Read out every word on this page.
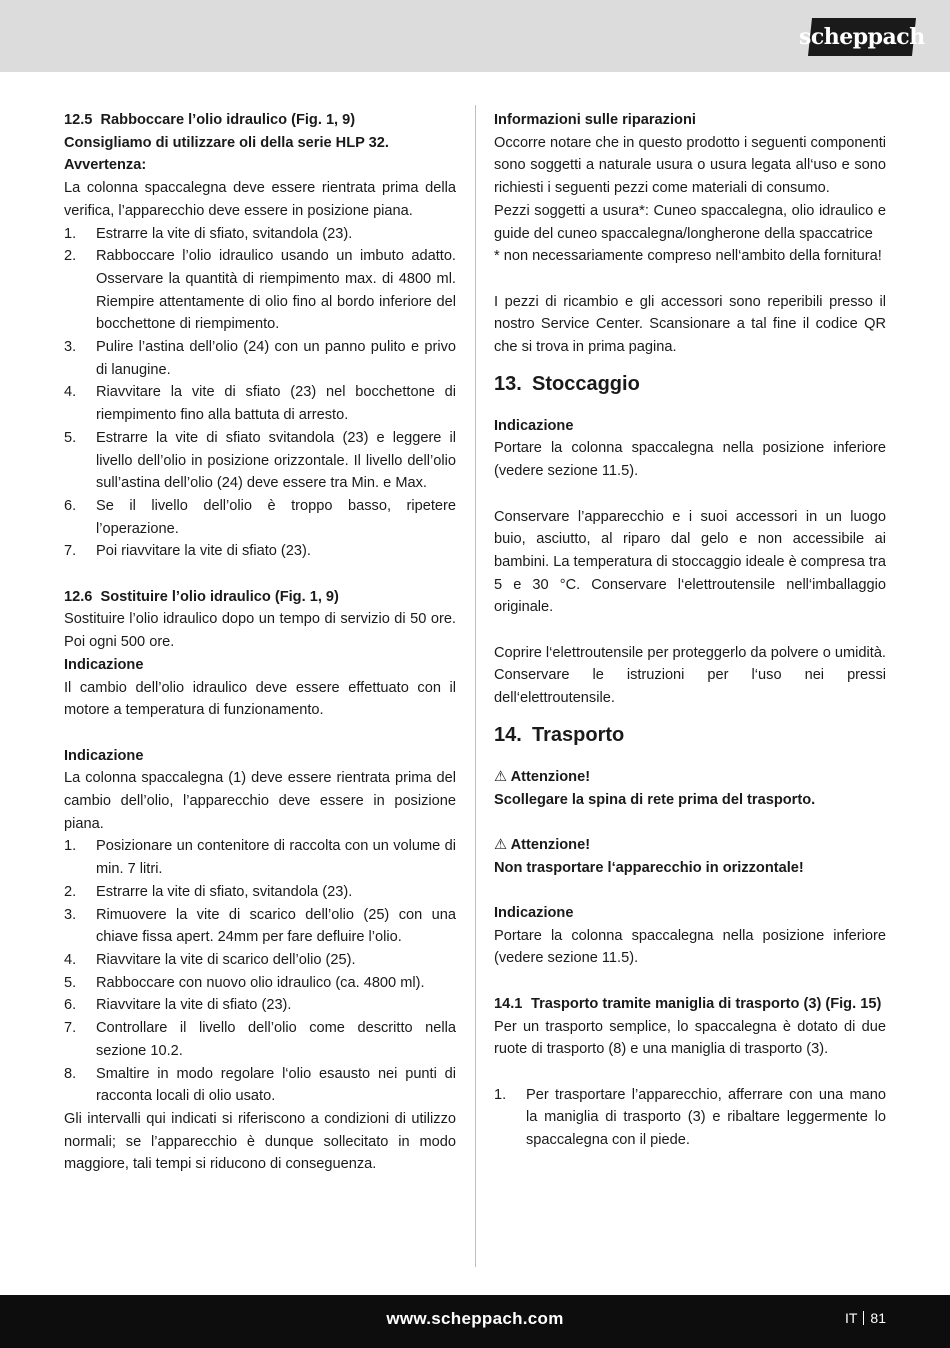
scheppach

12.5 Rabboccare l’olio idraulico (Fig. 1, 9)

Consigliamo di utilizzare oli della serie HLP 32.

Avvertenza:

La colonna spaccalegna deve essere rientrata prima della verifica, l’apparecchio deve essere in posizione piana.

1. Estrarre la vite di sfiato, svitandola (23).
2. Rabboccare l’olio idraulico usando un imbuto adatto. Osservare la quantità di riempimento max. di 4800 ml. Riempire attentamente di olio fino al bordo inferiore del bocchettone di riempimento.
3. Pulire l’astina dell’olio (24) con un panno pulito e privo di lanugine.
4. Riavvitare la vite di sfiato (23) nel bocchettone di riempimento fino alla battuta di arresto.
5. Estrarre la vite di sfiato svitandola (23) e leggere il livello dell’olio in posizione orizzontale. Il livello dell’olio sull’astina dell’olio (24) deve essere tra Min. e Max.
6. Se il livello dell’olio è troppo basso, ripetere l’operazione.
7. Poi riavvitare la vite di sfiato (23).

12.6 Sostituire l’olio idraulico (Fig. 1, 9)

Sostituire l’olio idraulico dopo un tempo di servizio di 50 ore. Poi ogni 500 ore.

Indicazione

Il cambio dell’olio idraulico deve essere effettuato con il motore a temperatura di funzionamento.

Indicazione

La colonna spaccalegna (1) deve essere rientrata prima del cambio dell’olio, l’apparecchio deve essere in posizione piana.

1. Posizionare un contenitore di raccolta con un volume di min. 7 litri.
2. Estrarre la vite di sfiato, svitandola (23).
3. Rimuovere la vite di scarico dell’olio (25) con una chiave fissa apert. 24mm per fare defluire l’olio.
4. Riavvitare la vite di scarico dell’olio (25).
5. Rabboccare con nuovo olio idraulico (ca. 4800 ml).
6. Riavvitare la vite di sfiato (23).
7. Controllare il livello dell’olio come descritto nella sezione 10.2.
8. Smaltire in modo regolare l‘olio esausto nei punti di racconta locali di olio usato.

Gli intervalli qui indicati si riferiscono a condizioni di utilizzo normali; se l’apparecchio è dunque sollecitato in modo maggiore, tali tempi si riducono di conseguenza.

Informazioni sulle riparazioni

Occorre notare che in questo prodotto i seguenti componenti sono soggetti a naturale usura o usura legata all‘uso e sono richiesti i seguenti pezzi come materiali di consumo.

Pezzi soggetti a usura*: Cuneo spaccalegna, olio idraulico e guide del cuneo spaccalegna/longherone della spaccatrice

* non necessariamente compreso nell‘ambito della fornitura!

I pezzi di ricambio e gli accessori sono reperibili presso il nostro Service Center. Scansionare a tal fine il codice QR che si trova in prima pagina.

13. Stoccaggio

Indicazione

Portare la colonna spaccalegna nella posizione inferiore (vedere sezione 11.5).

Conservare l’apparecchio e i suoi accessori in un luogo buio, asciutto, al riparo dal gelo e non accessibile ai bambini. La temperatura di stoccaggio ideale è compresa tra 5 e 30 °C. Conservare l‘elettroutensile nell‘imballaggio originale.

Coprire l‘elettroutensile per proteggerlo da polvere o umidità. Conservare le istruzioni per l‘uso nei pressi dell‘elettroutensile.

14. Trasporto

⚠ Attenzione!

Scollegare la spina di rete prima del trasporto.

⚠ Attenzione!

Non trasportare l‘apparecchio in orizzontale!

Indicazione

Portare la colonna spaccalegna nella posizione inferiore (vedere sezione 11.5).

14.1 Trasporto tramite maniglia di trasporto (3) (Fig. 15)

Per un trasporto semplice, lo spaccalegna è dotato di due ruote di trasporto (8) e una maniglia di trasporto (3).

1. Per trasportare l’apparecchio, afferrare con una mano la maniglia di trasporto (3) e ribaltare leggermente lo spaccalegna con il piede.
www.scheppach.com	IT 81
